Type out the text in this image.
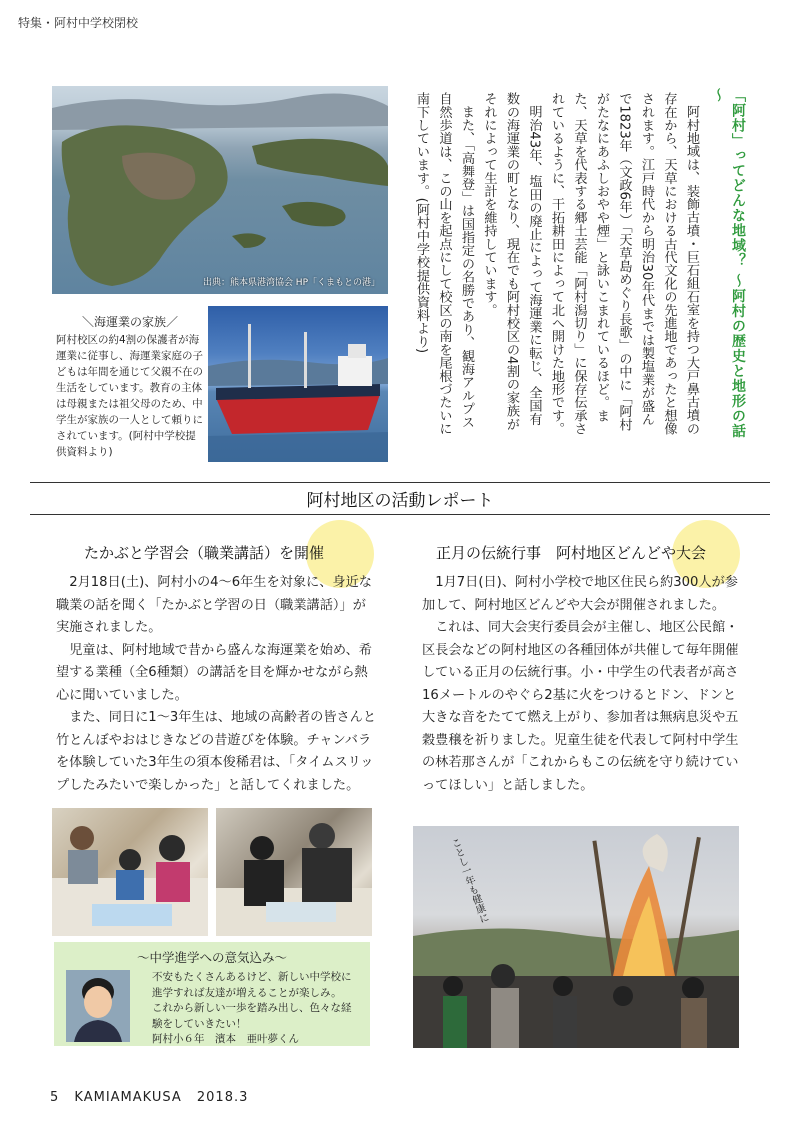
特集・阿村中学校閉校
出典：熊本県港湾協会 HP「くまもとの港」
＼海運業の家族／
阿村校区の約4割の保護者が海運業に従事し、海運業家庭の子どもは年間を通じて父親不在の生活をしています。教育の主体は母親または祖父母のため、中学生が家族の一人として頼りにされています。(阿村中学校提供資料より)
「阿村」ってどんな地域？ ～阿村の歴史と地形の話～

阿村地域は、装飾古墳・巨石組石室を持つ大戸鼻古墳の存在から、天草における古代文化の先進地であったと想像されます。江戸時代から明治30年代までは製塩業が盛んで1823年（文政6年）「天草島めぐり長歌」の中に「阿村がたなにあふしおやや煙」と詠いこまれているほど。また、天草を代表する郷土芸能「阿村潟切り」に保存伝承されているように、干拓耕田によって北へ開けた地形です。

明治43年、塩田の廃止によって海運業に転じ、全国有数の海運業の町となり、現在でも阿村校区の4割の家族がそれによって生計を維持しています。

また、「高舞登」は国指定の名勝であり、観海アルプス自然歩道は、この山を起点にして校区の南を尾根づたいに南下しています。(阿村中学校提供資料より)

阿村地区の活動レポート
たかぶと学習会（職業講話）を開催

2月18日(土)、阿村小の4～6年生を対象に、身近な職業の話を聞く「たかぶと学習の日（職業講話）」が実施されました。

児童は、阿村地域で昔から盛んな海運業を始め、希望する業種（全6種類）の講話を目を輝かせながら熱心に聞いていました。

また、同日に1～3年生は、地域の高齢者の皆さんと竹とんぼやおはじきなどの昔遊びを体験。チャンバラを体験していた3年生の須本俊稀君は、「タイムスリップしたみたいで楽しかった」と話してくれました。

～中学進学への意気込み～
不安もたくさんあるけど、新しい中学校に
進学すれば友達が増えることが楽しみ。
これから新しい一歩を踏み出し、色々な経
験をしていきたい！
阿村小６年　濱本　亜叶夢くん
正月の伝統行事　阿村地区どんどや大会

1月7日(日)、阿村小学校で地区住民ら約300人が参加して、阿村地区どんどや大会が開催されました。

これは、同大会実行委員会が主催し、地区公民館・区長会などの阿村地区の各種団体が共催して毎年開催している正月の伝統行事。小・中学生の代表者が高さ16メートルのやぐら2基に火をつけるとドン、ドンと大きな音をたてて燃え上がり、参加者は無病息災や五穀豊穣を祈りました。児童生徒を代表して阿村中学生の林若那さんが「これからもこの伝統を守り続けていってほしい」と話しました。

ことし一年も健康に
5 KAMIAMAKUSA 2018.3
